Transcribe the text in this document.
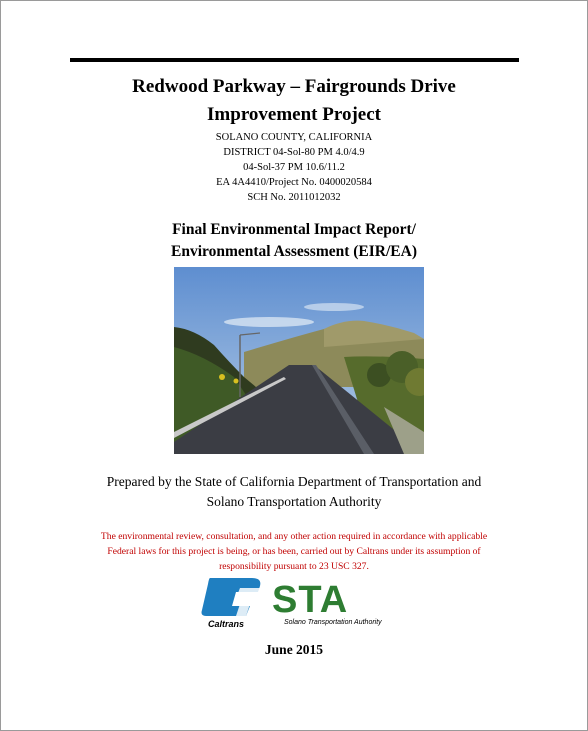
Redwood Parkway – Fairgrounds Drive
Improvement Project
SOLANO COUNTY, CALIFORNIA
DISTRICT 04-Sol-80 PM 4.0/4.9
04-Sol-37 PM 10.6/11.2
EA 4A4410/Project No. 0400020584
SCH No. 2011012032
Final Environmental Impact Report/
Environmental Assessment (EIR/EA)
Prepared by the State of California Department of Transportation and
Solano Transportation Authority
The environmental review, consultation, and any other action required in accordance with applicable
Federal laws for this project is being, or has been, carried out by Caltrans under its assumption of
responsibility pursuant to 23 USC 327.
Caltrans
STA
Solano Transportation Authority
June 2015
